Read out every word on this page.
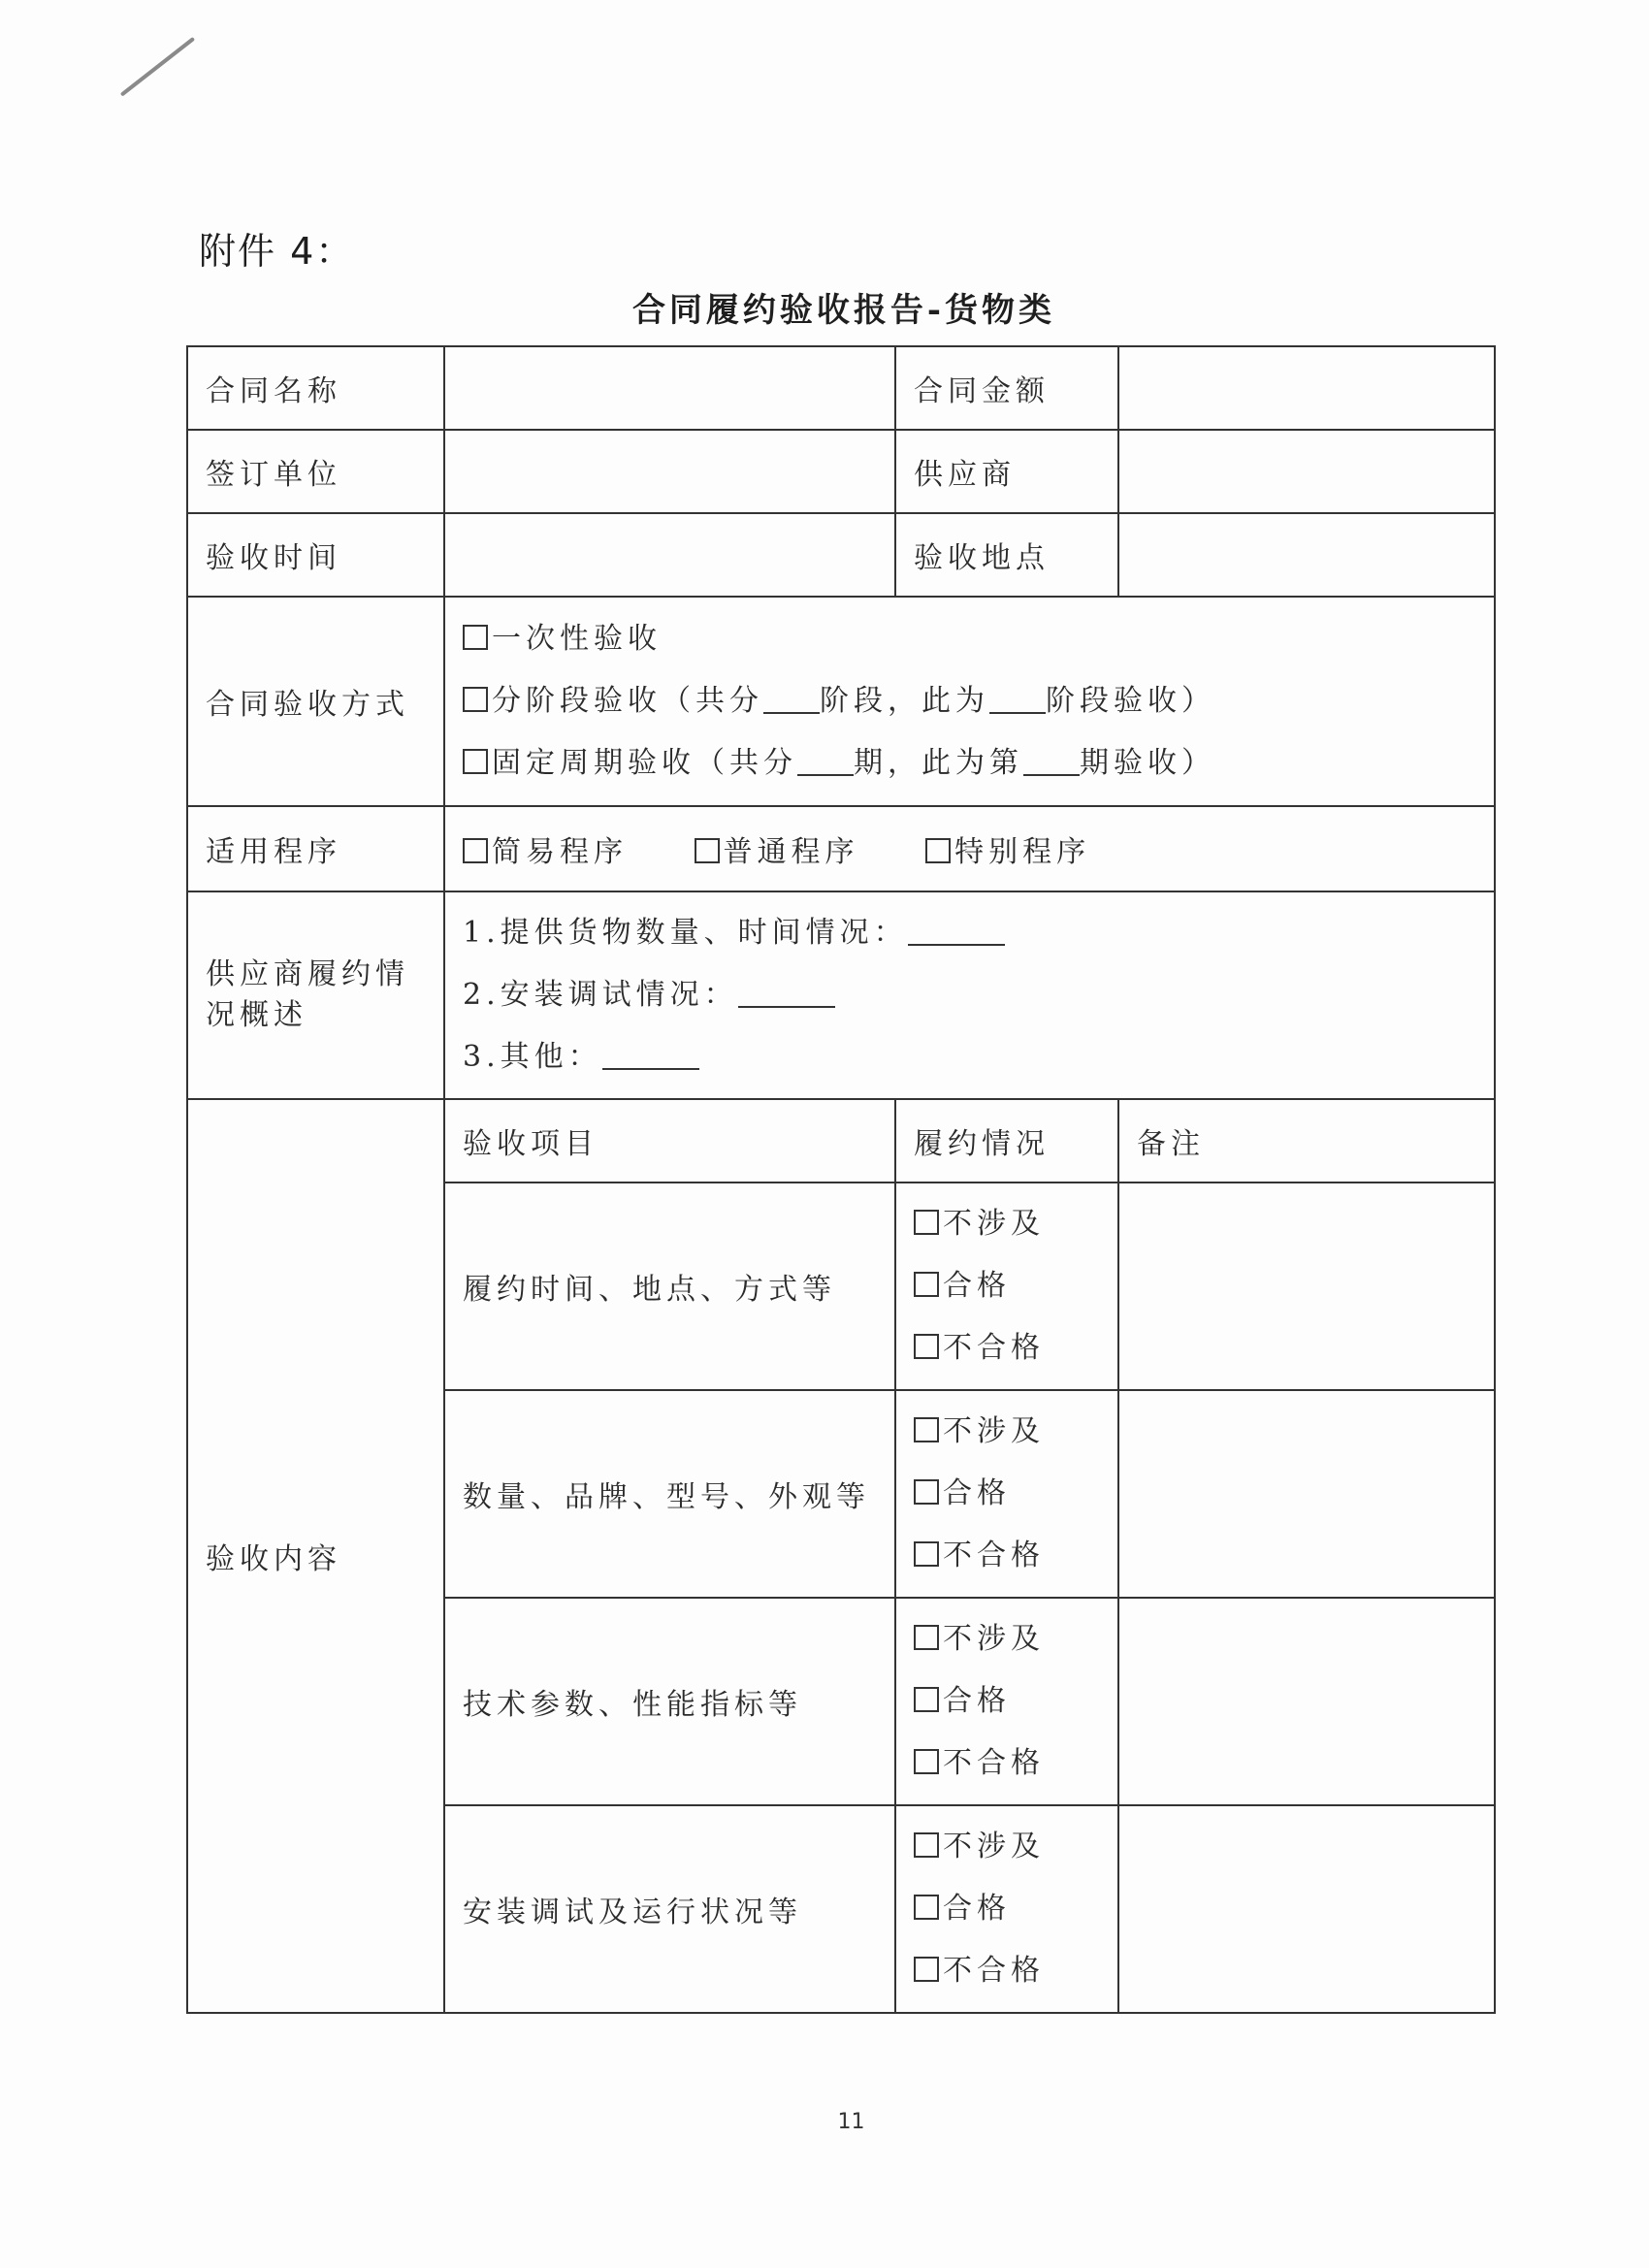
附件 4：
合同履约验收报告-货物类
合同名称		合同金额	
签订单位		供应商	
验收时间		验收地点	
合同验收方式	一次性验收
分阶段验收（共分 阶段，此为 阶段验收）
固定周期验收（共分 期，此为第 期验收）		

适用程序	简易程序 普通程序 特别程序		
供应商履约情况概述	1.提供货物数量、时间情况：
2.安装调试情况：
3.其他：		

验收内容	验收项目	履约情况	备注
	履约时间、地点、方式等	不涉及
合格
不合格	

	数量、品牌、型号、外观等	不涉及
合格
不合格	

	技术参数、性能指标等	不涉及
合格
不合格	

	安装调试及运行状况等	不涉及
合格
不合格	

11
